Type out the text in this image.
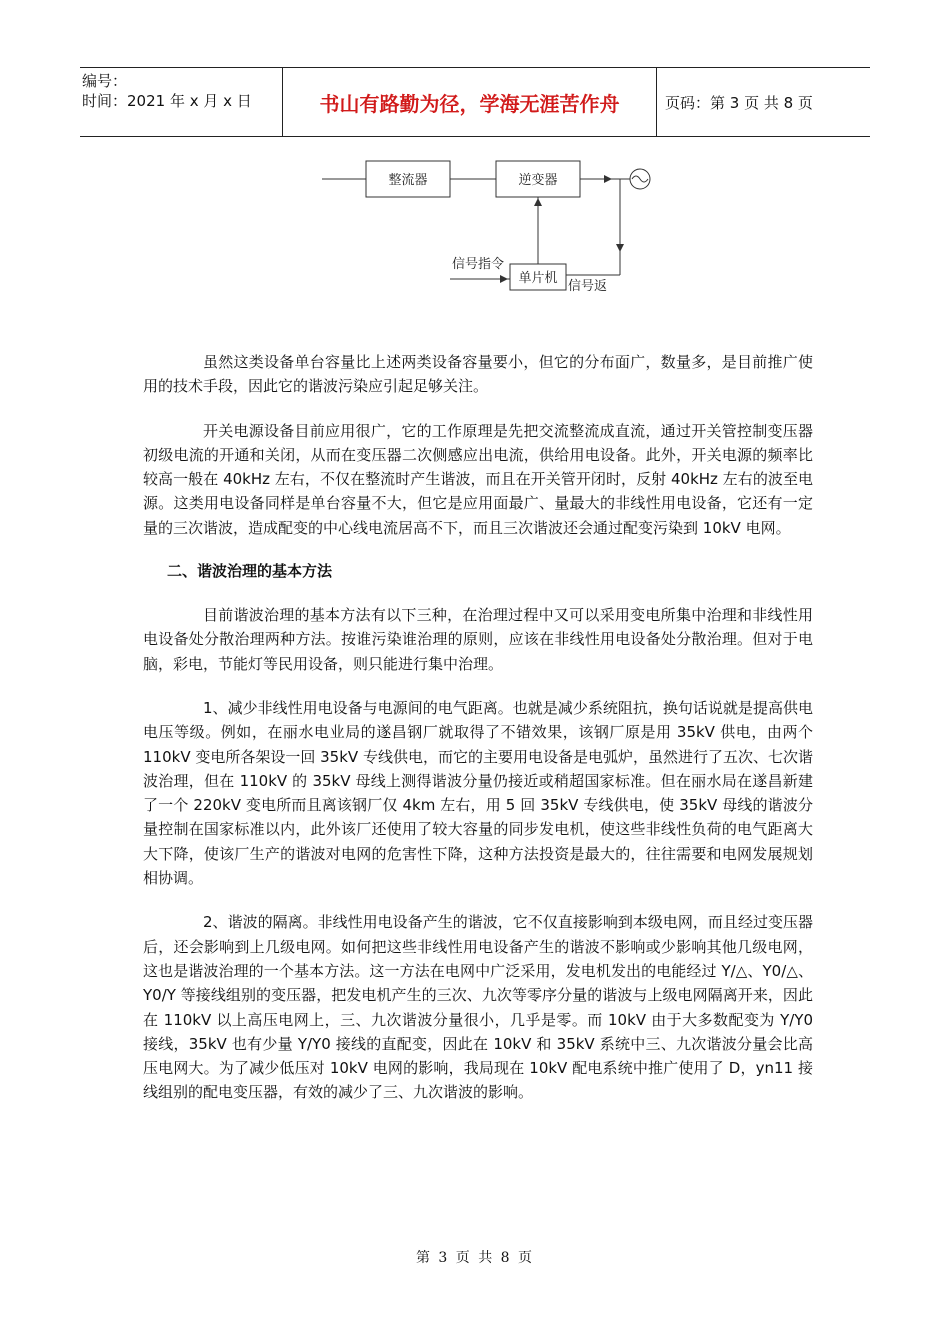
编号：
时间：2021 年 x 月 x 日	书山有路勤为径，学海无涯苦作舟	页码：第 3 页 共 8 页
整流器	逆变器
单片机
信号指令
信号返

虽然这类设备单台容量比上述两类设备容量要小，但它的分布面广，数量多，是目前推广使用的技术手段，因此它的谐波污染应引起足够关注。

开关电源设备目前应用很广，它的工作原理是先把交流整流成直流，通过开关管控制变压器初级电流的开通和关闭，从而在变压器二次侧感应出电流，供给用电设备。此外，开关电源的频率比较高一般在 40kHz 左右，不仅在整流时产生谐波，而且在开关管开闭时，反射 40kHz 左右的波至电源。这类用电设备同样是单台容量不大，但它是应用面最广、量最大的非线性用电设备，它还有一定量的三次谐波，造成配变的中心线电流居高不下，而且三次谐波还会通过配变污染到 10kV 电网。

二、谐波治理的基本方法

目前谐波治理的基本方法有以下三种，在治理过程中又可以采用变电所集中治理和非线性用电设备处分散治理两种方法。按谁污染谁治理的原则，应该在非线性用电设备处分散治理。但对于电脑，彩电，节能灯等民用设备，则只能进行集中治理。

1、减少非线性用电设备与电源间的电气距离。也就是减少系统阻抗，换句话说就是提高供电电压等级。例如，在丽水电业局的遂昌钢厂就取得了不错效果，该钢厂原是用 35kV 供电，由两个 110kV 变电所各架设一回 35kV 专线供电，而它的主要用电设备是电弧炉，虽然进行了五次、七次谐波治理，但在 110kV 的 35kV 母线上测得谐波分量仍接近或稍超国家标准。但在丽水局在遂昌新建了一个 220kV 变电所而且离该钢厂仅 4km 左右，用 5 回 35kV 专线供电，使 35kV 母线的谐波分量控制在国家标准以内，此外该厂还使用了较大容量的同步发电机，使这些非线性负荷的电气距离大大下降，使该厂生产的谐波对电网的危害性下降，这种方法投资是最大的，往往需要和电网发展规划相协调。

2、谐波的隔离。非线性用电设备产生的谐波，它不仅直接影响到本级电网，而且经过变压器后，还会影响到上几级电网。如何把这些非线性用电设备产生的谐波不影响或少影响其他几级电网，这也是谐波治理的一个基本方法。这一方法在电网中广泛采用，发电机发出的电能经过 Y/△、Y0/△、Y0/Y 等接线组别的变压器，把发电机产生的三次、九次等零序分量的谐波与上级电网隔离开来，因此在 110kV 以上高压电网上，三、九次谐波分量很小，几乎是零。而 10kV 由于大多数配变为 Y/Y0 接线，35kV 也有少量 Y/Y0 接线的直配变，因此在 10kV 和 35kV 系统中三、九次谐波分量会比高压电网大。为了减少低压对 10kV 电网的影响，我局现在 10kV 配电系统中推广使用了 D，yn11 接线组别的配电变压器，有效的减少了三、九次谐波的影响。

第 3 页 共 8 页
